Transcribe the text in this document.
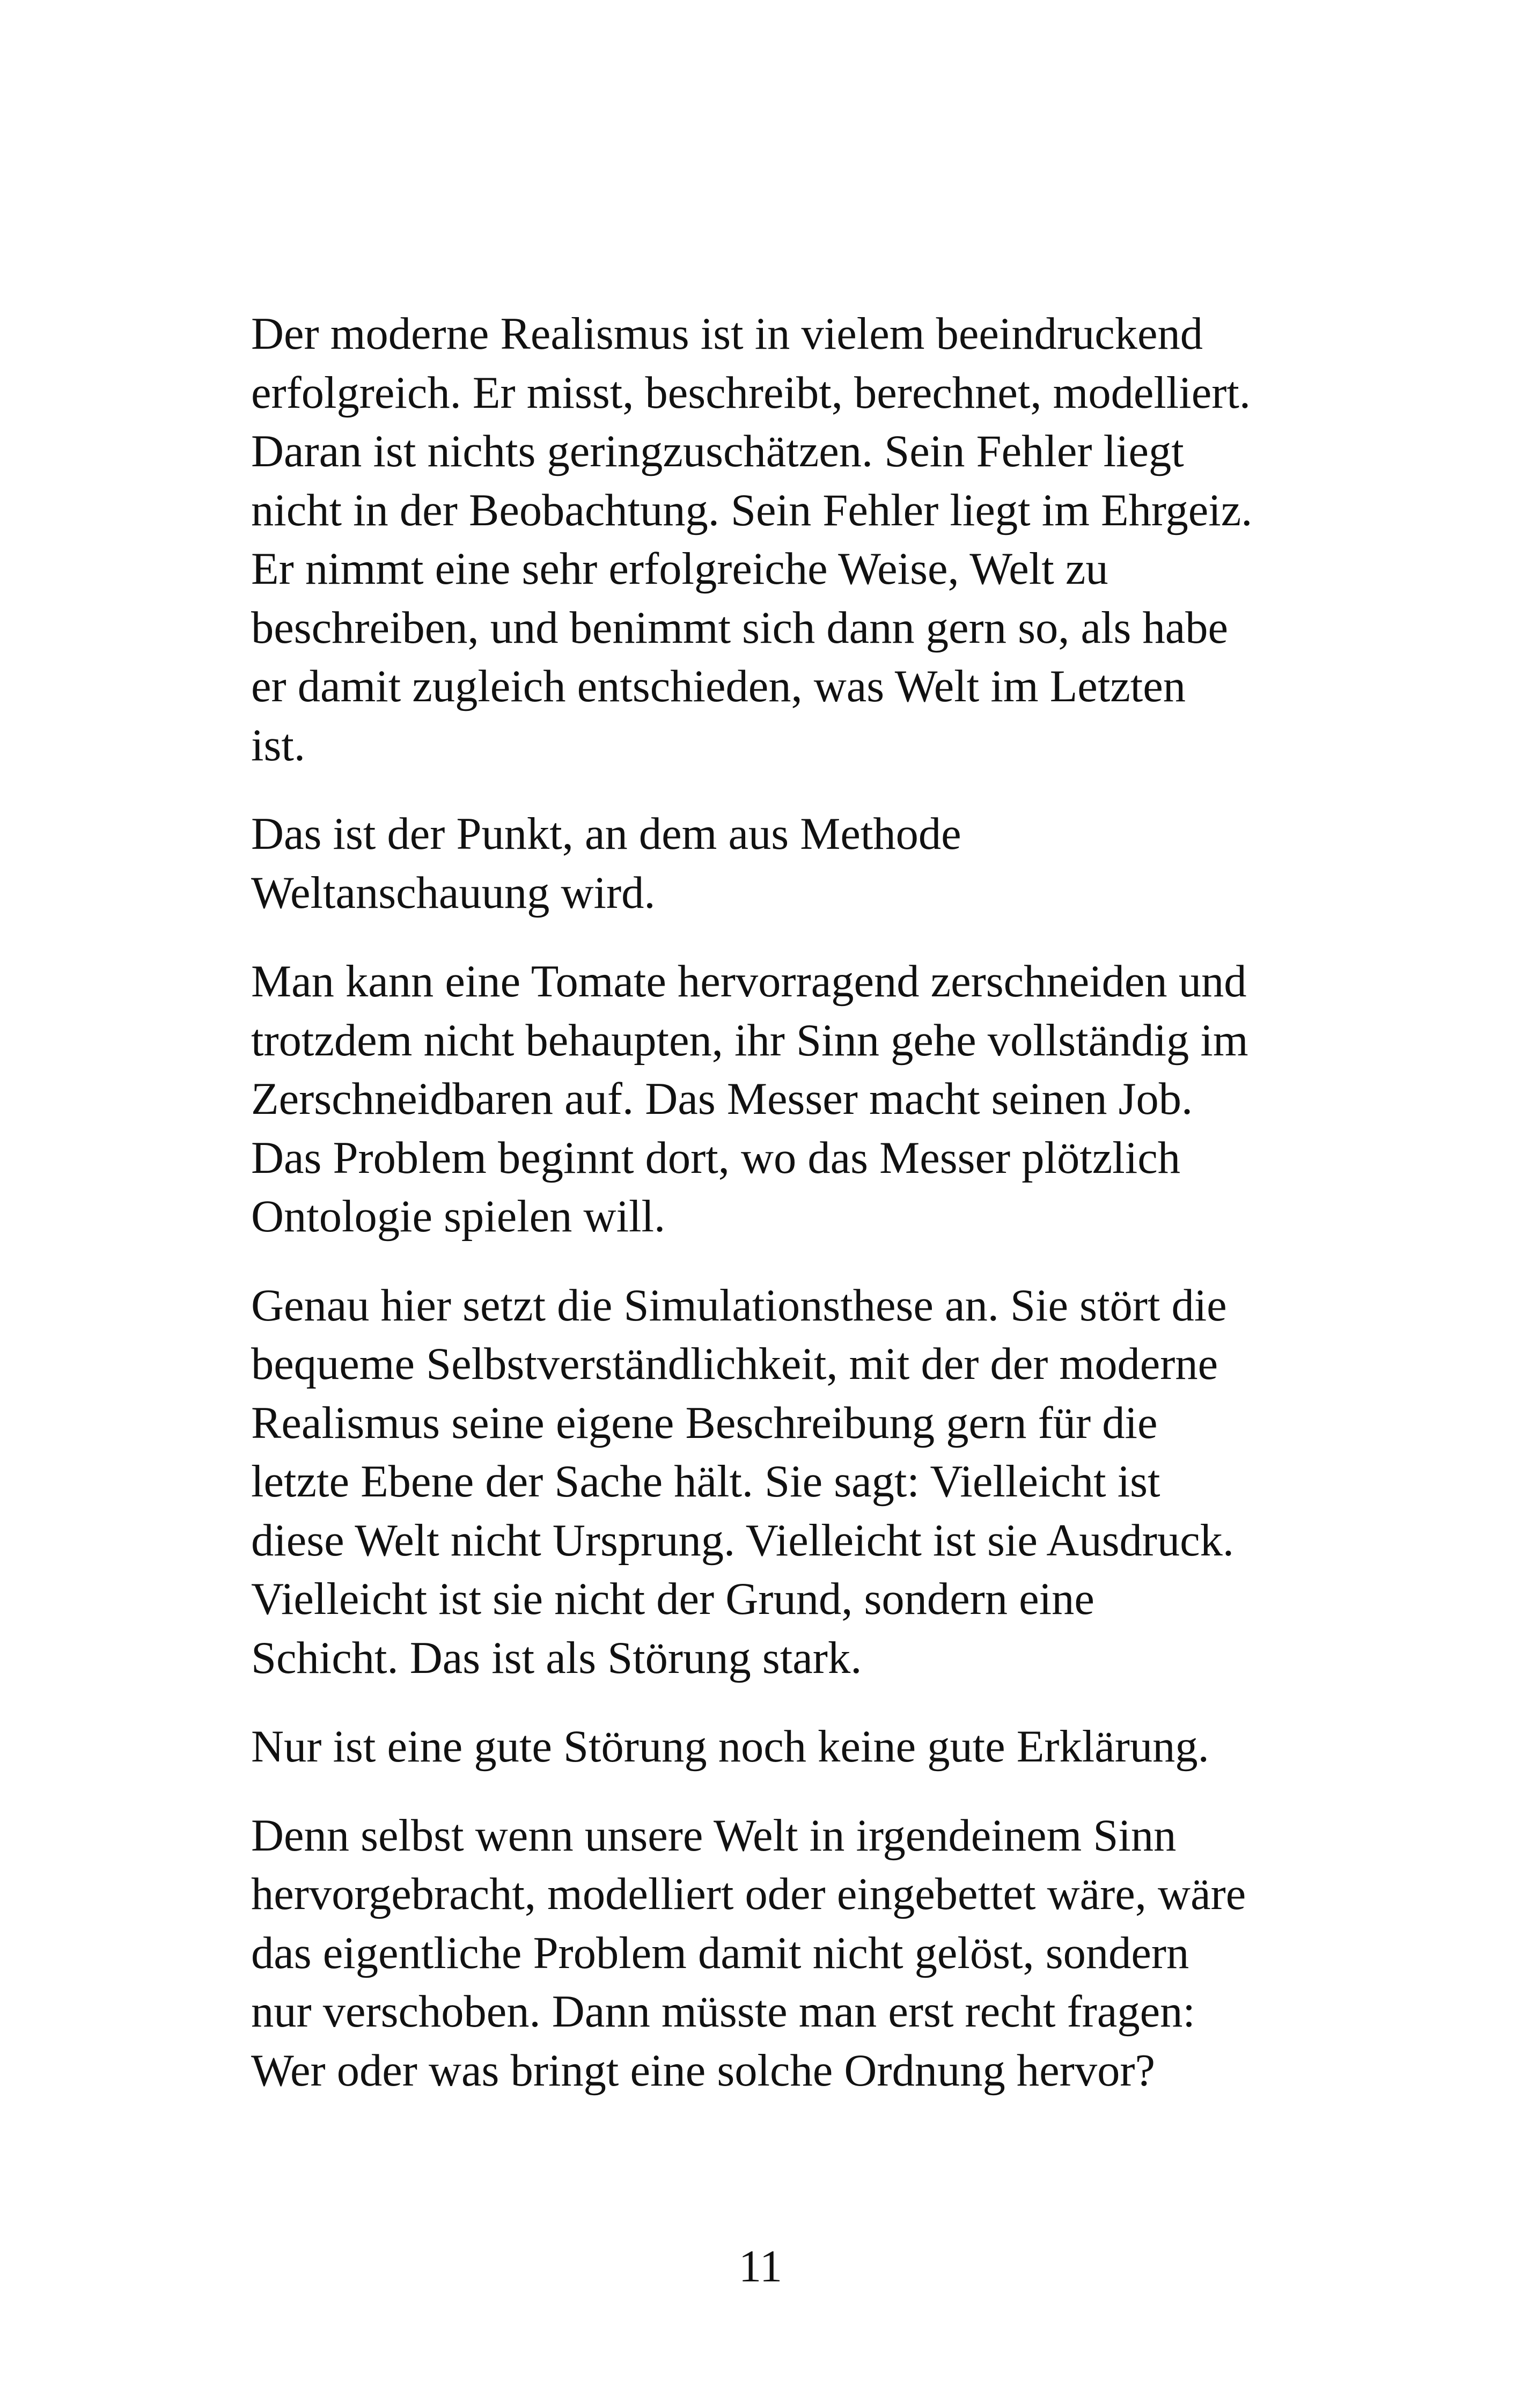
Der moderne Realismus ist in vielem beeindruckend
erfolgreich. Er misst, beschreibt, berechnet, modelliert.
Daran ist nichts geringzuschätzen. Sein Fehler liegt
nicht in der Beobachtung. Sein Fehler liegt im Ehrgeiz.
Er nimmt eine sehr erfolgreiche Weise, Welt zu
beschreiben, und benimmt sich dann gern so, als habe
er damit zugleich entschieden, was Welt im Letzten
ist.

Das ist der Punkt, an dem aus Methode
Weltanschauung wird.

Man kann eine Tomate hervorragend zerschneiden und
trotzdem nicht behaupten, ihr Sinn gehe vollständig im
Zerschneidbaren auf. Das Messer macht seinen Job.
Das Problem beginnt dort, wo das Messer plötzlich
Ontologie spielen will.

Genau hier setzt die Simulationsthese an. Sie stört die
bequeme Selbstverständlichkeit, mit der der moderne
Realismus seine eigene Beschreibung gern für die
letzte Ebene der Sache hält. Sie sagt: Vielleicht ist
diese Welt nicht Ursprung. Vielleicht ist sie Ausdruck.
Vielleicht ist sie nicht der Grund, sondern eine
Schicht. Das ist als Störung stark.

Nur ist eine gute Störung noch keine gute Erklärung.

Denn selbst wenn unsere Welt in irgendeinem Sinn
hervorgebracht, modelliert oder eingebettet wäre, wäre
das eigentliche Problem damit nicht gelöst, sondern
nur verschoben. Dann müsste man erst recht fragen:
Wer oder was bringt eine solche Ordnung hervor?

11
